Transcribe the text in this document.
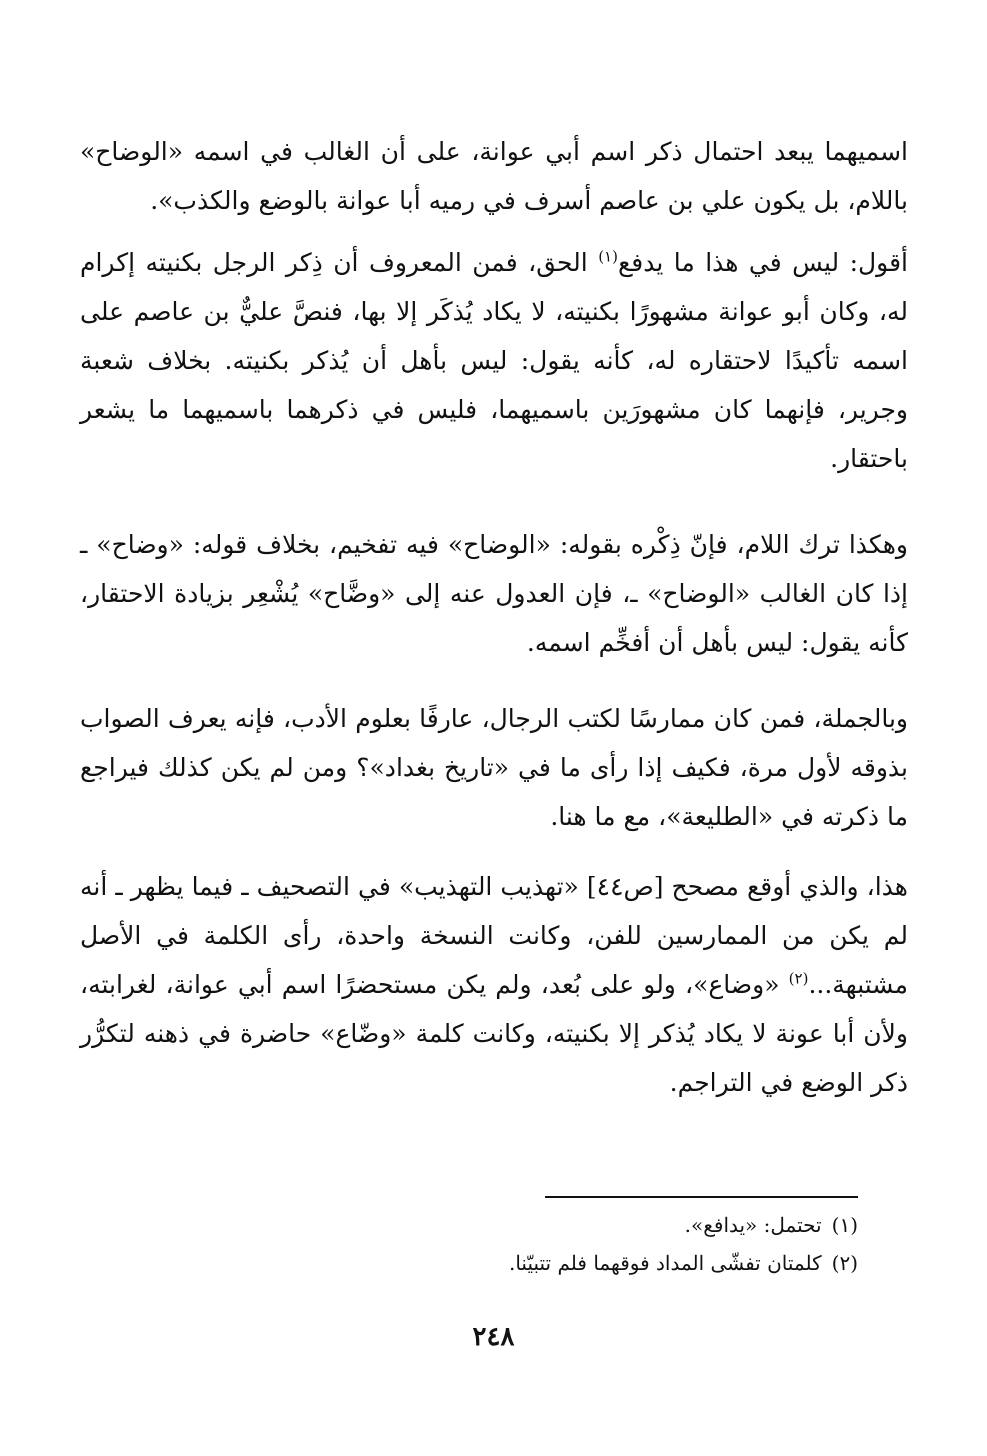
اسميهما يبعد احتمال ذكر اسم أبي عوانة، على أن الغالب في اسمه «الوضاح» باللام، بل يكون علي بن عاصم أسرف في رميه أبا عوانة بالوضع والكذب».

أقول: ليس في هذا ما يدفع$^{(١)}$ الحق، فمن المعروف أن ذِكر الرجل بكنيته إكرام له، وكان أبو عوانة مشهورًا بكنيته، لا يكاد يُذكَر إلا بها، فنصَّ عليٌّ بن عاصم على اسمه تأكيدًا لاحتقاره له، كأنه يقول: ليس بأهل أن يُذكر بكنيته. بخلاف شعبة وجرير، فإنهما كان مشهورَين باسميهما، فليس في ذكرهما باسميهما ما يشعر باحتقار.

وهكذا ترك اللام، فإنّ ذِكْره بقوله: «الوضاح» فيه تفخيم، بخلاف قوله: «وضاح» ـ إذا كان الغالب «الوضاح» ـ، فإن العدول عنه إلى «وضَّاح» يُشْعِر بزيادة الاحتقار، كأنه يقول: ليس بأهل أن أفخِّم اسمه.

وبالجملة، فمن كان ممارسًا لكتب الرجال، عارفًا بعلوم الأدب، فإنه يعرف الصواب بذوقه لأول مرة، فكيف إذا رأى ما في «تاريخ بغداد»؟ ومن لم يكن كذلك فيراجع ما ذكرته في «الطليعة»، مع ما هنا.

هذا، والذي أوقع مصحح [ص٤٤] «تهذيب التهذيب» في التصحيف ـ فيما يظهر ـ أنه لم يكن من الممارسين للفن، وكانت النسخة واحدة، رأى الكلمة في الأصل مشتبهة...$^{(٢)}$ «وضاع»، ولو على بُعد، ولم يكن مستحضرًا اسم أبي عوانة، لغرابته، ولأن أبا عونة لا يكاد يُذكر إلا بكنيته، وكانت كلمة «وضّاع» حاضرة في ذهنه لتكرُّر ذكر الوضع في التراجم.

(١)تحتمل: «يدافع».

(٢)كلمتان تفشّى المداد فوقهما فلم تتبيّنا.

٢٤٨
